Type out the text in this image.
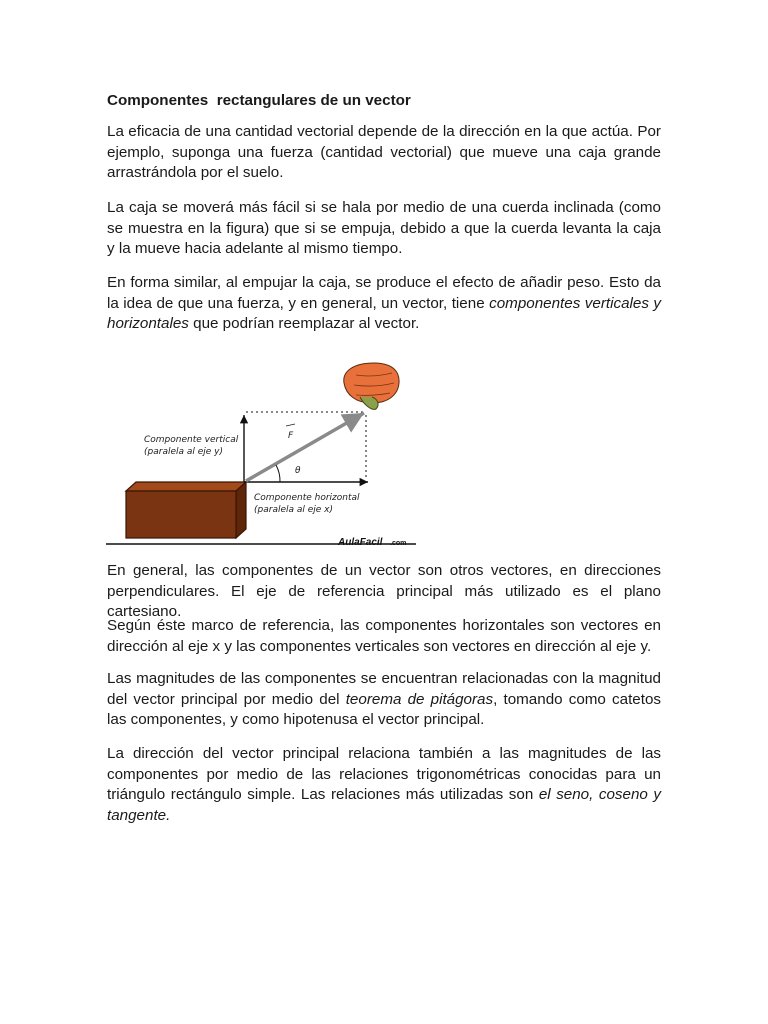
Componentes  rectangulares de un vector

La eficacia de una cantidad vectorial depende de la dirección en la que actúa. Por ejemplo, suponga una fuerza (cantidad vectorial) que mueve una caja grande arrastrándola por el suelo.

La caja se moverá más fácil si se hala por medio de una cuerda inclinada (como se muestra en la figura) que si se empuja, debido a que la cuerda levanta la caja y la mueve hacia adelante al mismo tiempo.

En forma similar, al empujar la caja, se produce el efecto de añadir peso. Esto da la idea de que una fuerza, y en general, un vector, tiene componentes verticales y horizontales que podrían reemplazar al vector.

Componente vertical
(paralela al eje y)
Componente horizontal
(paralela al eje x)
F
θ
AulaFacil .com

En general, las componentes de un vector son otros vectores, en direcciones perpendiculares. El eje de referencia principal más utilizado es el plano cartesiano.

Según éste marco de referencia, las componentes horizontales son vectores en dirección al eje x y las componentes verticales son vectores en dirección al eje y.

Las magnitudes de las componentes se encuentran relacionadas con la magnitud del vector principal por medio del teorema de pitágoras, tomando como catetos las componentes, y como hipotenusa el vector principal.

La dirección del vector principal relaciona también a las magnitudes de las componentes por medio de las relaciones trigonométricas conocidas para un triángulo rectángulo simple. Las relaciones más utilizadas son el seno, coseno y tangente.
